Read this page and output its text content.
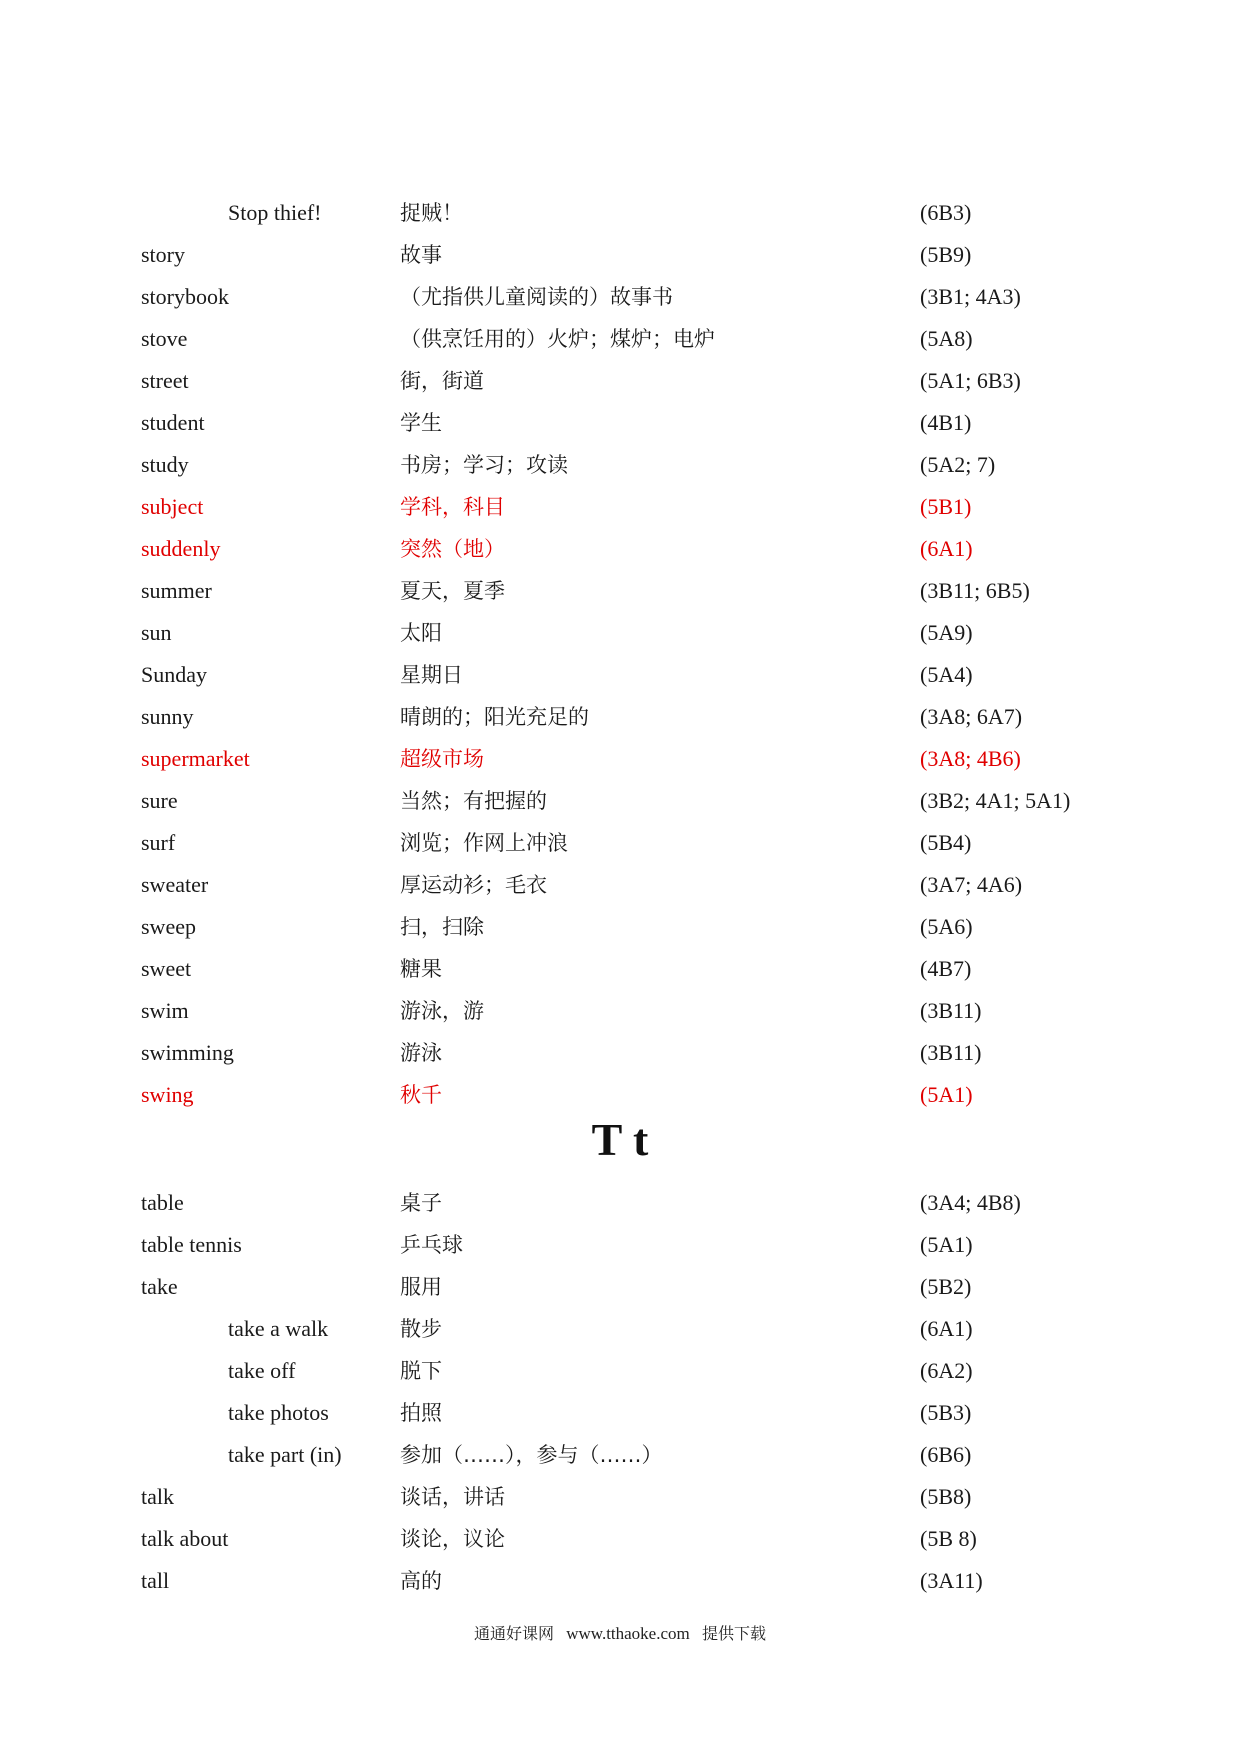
Stop thief!	捉贼！	(6B3)
story	故事	(5B9)
storybook	（尤指供儿童阅读的）故事书	(3B1; 4A3)
stove	（供烹饪用的）火炉；煤炉；电炉	(5A8)
street	街，街道	(5A1; 6B3)
student	学生	(4B1)
study	书房；学习；攻读	(5A2; 7)
subject	学科，科目	(5B1)
suddenly	突然（地）	(6A1)
summer	夏天，夏季	(3B11; 6B5)
sun	太阳	(5A9)
Sunday	星期日	(5A4)
sunny	晴朗的；阳光充足的	(3A8; 6A7)
supermarket	超级市场	(3A8; 4B6)
sure	当然；有把握的	(3B2; 4A1; 5A1)
surf	浏览；作网上冲浪	(5B4)
sweater	厚运动衫；毛衣	(3A7; 4A6)
sweep	扫，扫除	(5A6)
sweet	糖果	(4B7)
swim	游泳，游	(3B11)
swimming	游泳	(3B11)
swing	秋千	(5A1)
T t
table	桌子	(3A4; 4B8)
table tennis	乒乓球	(5A1)
take	服用	(5B2)
take a walk	散步	(6A1)
take off	脱下	(6A2)
take photos	拍照	(5B3)
take part (in)	参加（……），参与（……）	(6B6)
talk	谈话，讲话	(5B8)
talk about	谈论，议论	(5B 8)
tall	高的	(3A11)
通通好课网 www.tthaoke.com 提供下载
